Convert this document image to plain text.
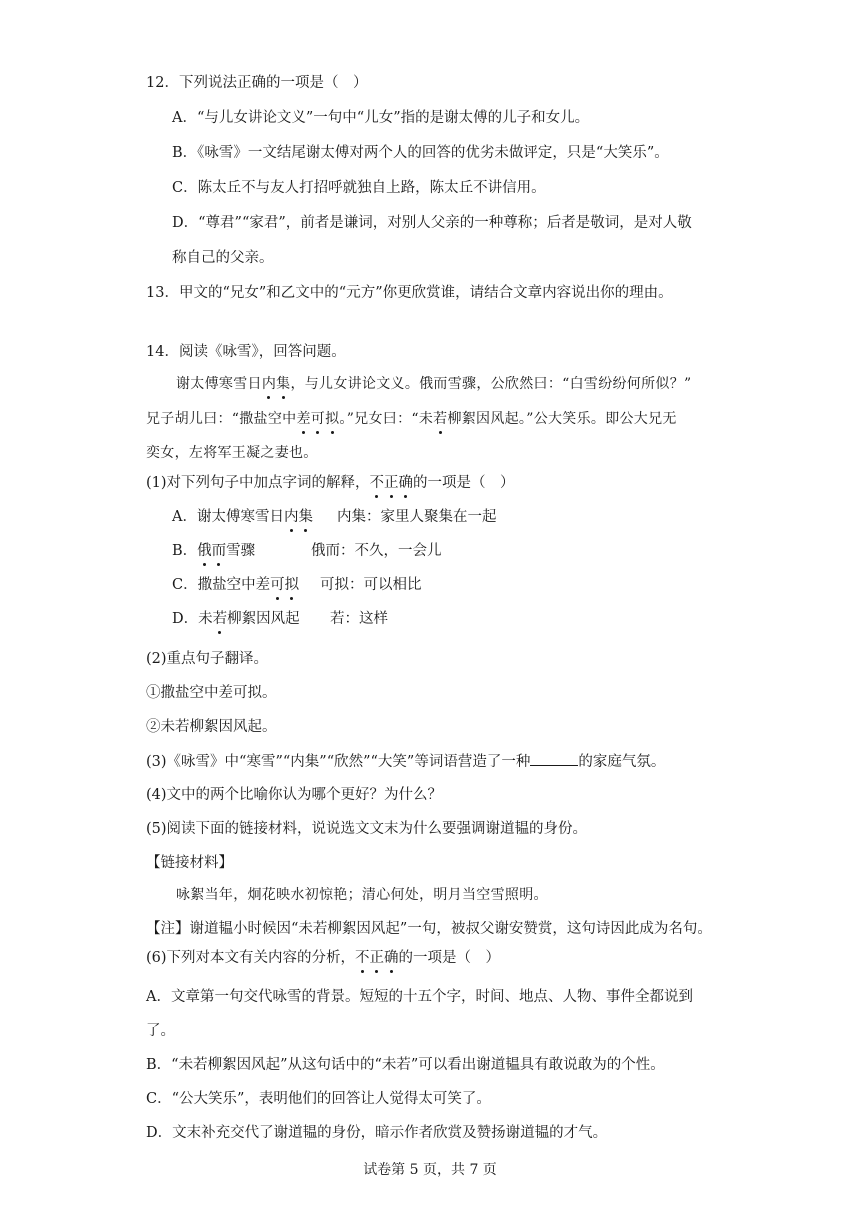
12．下列说法正确的一项是（　）
A．“与儿女讲论文义”一句中“儿女”指的是谢太傅的儿子和女儿。
B．《咏雪》一文结尾谢太傅对两个人的回答的优劣未做评定，只是“大笑乐”。
C．陈太丘不与友人打招呼就独自上路，陈太丘不讲信用。
D．“尊君”“家君”，前者是谦词，对别人父亲的一种尊称；后者是敬词，是对人敬
称自己的父亲。
13．甲文的“兄女”和乙文中的“元方”你更欣赏谁，请结合文章内容说出你的理由。
14．阅读《咏雪》，回答问题。
谢太傅寒雪日内集，与儿女讲论文义。俄而雪骤，公欣然曰：“白雪纷纷何所似？”
兄子胡儿曰：“撒盐空中差可拟。”兄女曰：“未若柳絮因风起。”公大笑乐。即公大兄无
奕女，左将军王凝之妻也。
(1)对下列句子中加点字词的解释，不正确的一项是（　）
A．谢太傅寒雪日内集 内集：家里人聚集在一起
B．俄而雪骤	俄而：不久，一会儿
C．撒盐空中差可拟 可拟：可以相比
D．未若柳絮因风起 若：这样
(2)重点句子翻译。
①撒盐空中差可拟。
②未若柳絮因风起。
(3)《咏雪》中“寒雪”“内集”“欣然”“大笑”等词语营造了一种	的家庭气氛。
(4)文中的两个比喻你认为哪个更好？为什么？
(5)阅读下面的链接材料，说说选文文末为什么要强调谢道韫的身份。
【链接材料】
咏絮当年，炯花映水初惊艳；清心何处，明月当空雪照明。
【注】谢道韫小时候因“未若柳絮因风起”一句，被叔父谢安赞赏，这句诗因此成为名句。
(6)下列对本文有关内容的分析，不正确的一项是（　）
A．文章第一句交代咏雪的背景。短短的十五个字，时间、地点、人物、事件全都说到
了。
B．“未若柳絮因风起”从这句话中的“未若”可以看出谢道韫具有敢说敢为的个性。
C．“公大笑乐”，表明他们的回答让人觉得太可笑了。
D．文末补充交代了谢道韫的身份，暗示作者欣赏及赞扬谢道韫的才气。
试卷第 5 页，共 7 页
